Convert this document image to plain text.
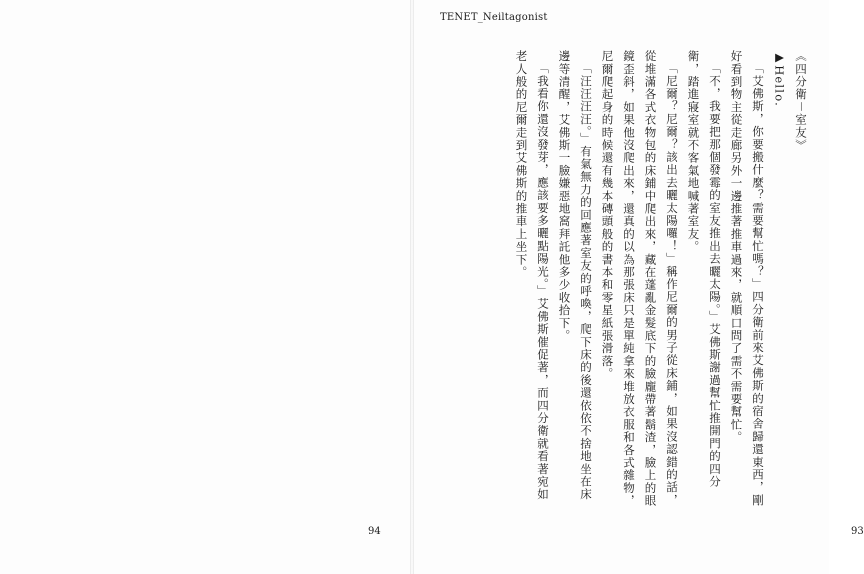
94

《四分衛－室友》

▶Hello.

「艾佛斯，你要搬什麼？需要幫忙嗎？」四分衛前來艾佛斯的宿舍歸還東西，剛好看到物主從走廊另外一邊推著推車過來，就順口問了需不需要幫忙。

「不，我要把那個發霉的室友推出去曬太陽。」艾佛斯謝過幫忙推開門的四分衛，踏進寢室就不客氣地喊著室友。

「尼爾？尼爾？該出去曬太陽囉！」稱作尼爾的男子從床鋪，如果沒認錯的話，從堆滿各式衣物包的床鋪中爬出來，藏在蓬亂金髮底下的臉龐帶著鬍渣，臉上的眼鏡歪斜，如果他沒爬出來，還真的以為那張床只是單純拿來堆放衣服和各式雜物，尼爾爬起身的時候還有幾本磚頭般的書本和零星紙張滑落。

「汪汪汪汪。」有氣無力的回應著室友的呼喚，爬下床的後還依依不捨地坐在床邊等清醒，艾佛斯一臉嫌惡地窩拜託他多少收拾下。

「我看你還沒發芽，應該要多曬點陽光。」艾佛斯催促著，而四分衛就看著宛如老人般的尼爾走到艾佛斯的推車上坐下。

93
TENET_Neiltagonist
